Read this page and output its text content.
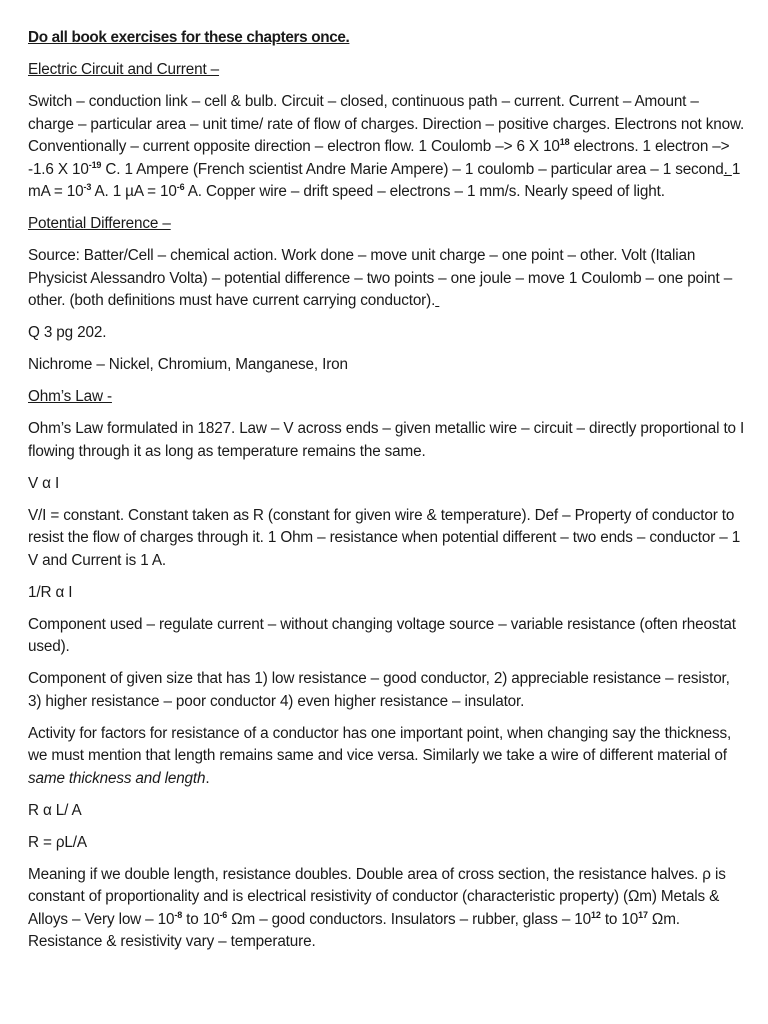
Do all book exercises for these chapters once.

Electric Circuit and Current –

Switch – conduction link – cell & bulb. Circuit – closed, continuous path – current. Current – Amount – charge – particular area – unit time/ rate of flow of charges. Direction – positive charges. Electrons not know. Conventionally – current opposite direction – electron flow. 1 Coulomb –> 6 X $10^{18}$ electrons. 1 electron –> -1.6 X $10^{-19}$ C. 1 Ampere (French scientist Andre Marie Ampere) – 1 coulomb – particular area – 1 second. 1 mA = $10^{-3}$ A. 1 $\mu A = 10^{-6}$ A. Copper wire – drift speed – electrons – 1 mm/s. Nearly speed of light.

Potential Difference –

Source: Batter/Cell – chemical action. Work done – move unit charge – one point – other. Volt (Italian Physicist Alessandro Volta) – potential difference – two points – one joule – move 1 Coulomb – one point – other. (both definitions must have current carrying conductor).

Q 3 pg 202.

Nichrome – Nickel, Chromium, Manganese, Iron

Ohm’s Law -

Ohm’s Law formulated in 1827. Law – V across ends – given metallic wire – circuit – directly proportional to I flowing through it as long as temperature remains the same.

V α I

V/I = constant. Constant taken as R (constant for given wire & temperature). Def – Property of conductor to resist the flow of charges through it. 1 Ohm – resistance when potential different – two ends – conductor – 1 V and Current is 1 A.

1/R α I

Component used – regulate current – without changing voltage source – variable resistance (often rheostat used).

Component of given size that has 1) low resistance – good conductor, 2) appreciable resistance – resistor, 3) higher resistance – poor conductor 4) even higher resistance – insulator.

Activity for factors for resistance of a conductor has one important point, when changing say the thickness, we must mention that length remains same and vice versa. Similarly we take a wire of different material of same thickness and length.

R α L/ A

R = ρL/A

Meaning if we double length, resistance doubles. Double area of cross section, the resistance halves. ρ is constant of proportionality and is electrical resistivity of conductor (characteristic property) (Ωm) Metals & Alloys – Very low – $10^{-8}$ to $10^{-6}$ Ωm – good conductors. Insulators – rubber, glass – $10^{12}$ to $10^{17}$ Ωm. Resistance & resistivity vary – temperature.
